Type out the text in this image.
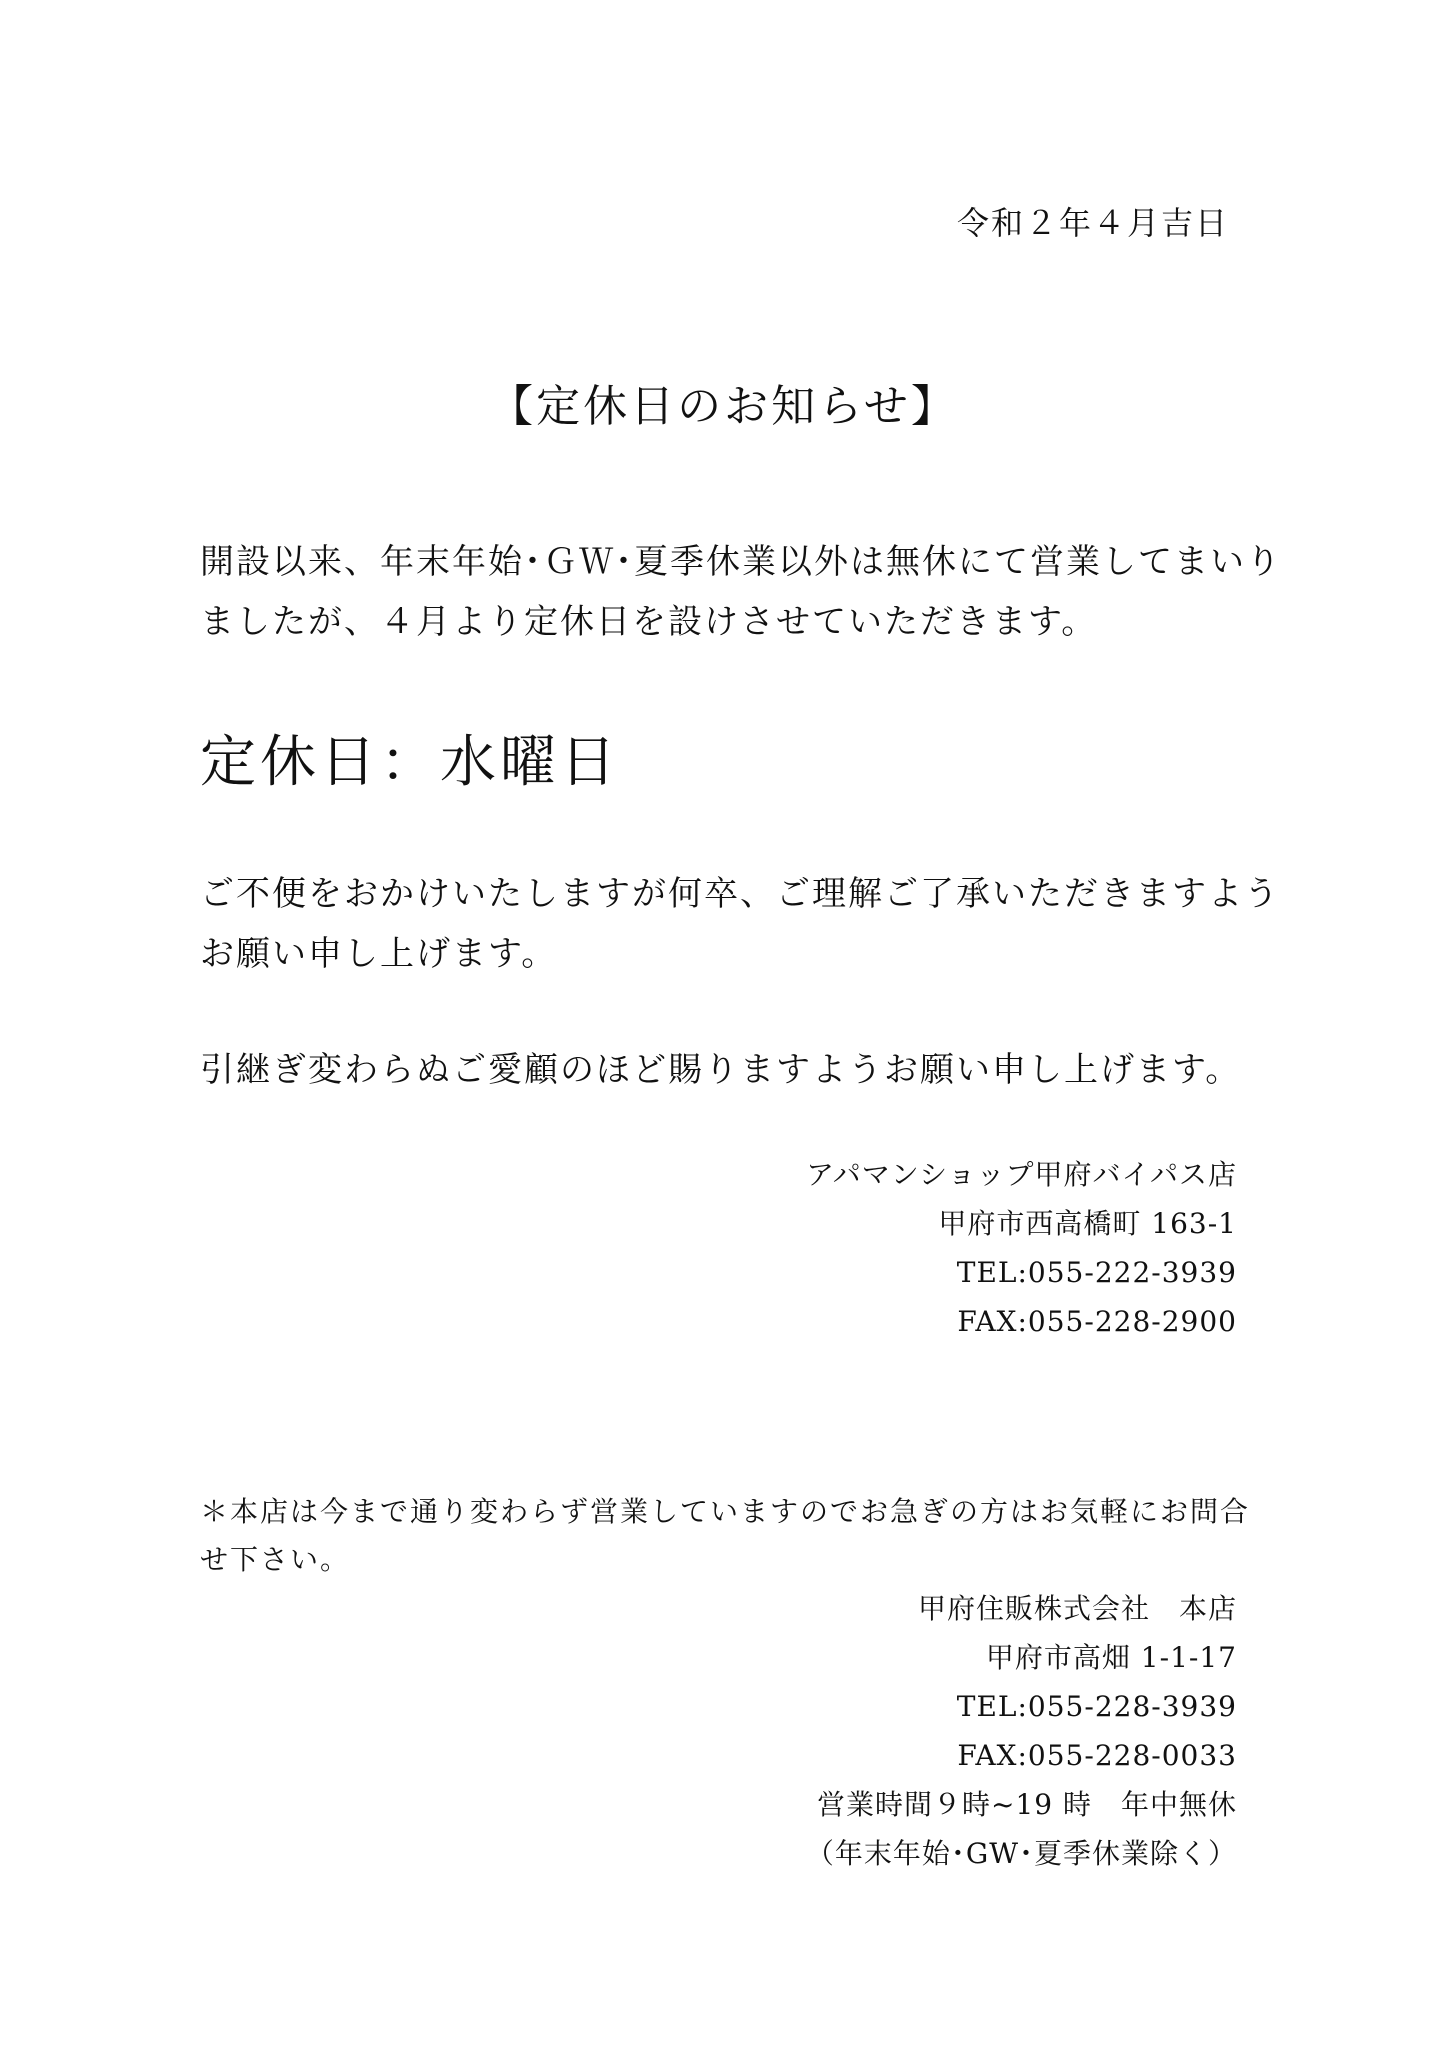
令和２年４月吉日
【定休日のお知らせ】

開設以来、年末年始･ＧＷ･夏季休業以外は無休にて営業してまいり

ましたが、４月より定休日を設けさせていただきます。

定休日：水曜日

ご不便をおかけいたしますが何卒、ご理解ご了承いただきますよう

お願い申し上げます。

引継ぎ変わらぬご愛顧のほど賜りますようお願い申し上げます。

アパマンショップ甲府バイパス店
甲府市西高橋町 163-1
TEL:055-222-3939
FAX:055-228-2900

＊本店は今まで通り変わらず営業していますのでお急ぎの方はお気軽にお問合

せ下さい。

甲府住販株式会社　本店
甲府市高畑 1-1-17
TEL:055-228-3939
FAX:055-228-0033
営業時間９時~19 時　年中無休
（年末年始･GW･夏季休業除く）
